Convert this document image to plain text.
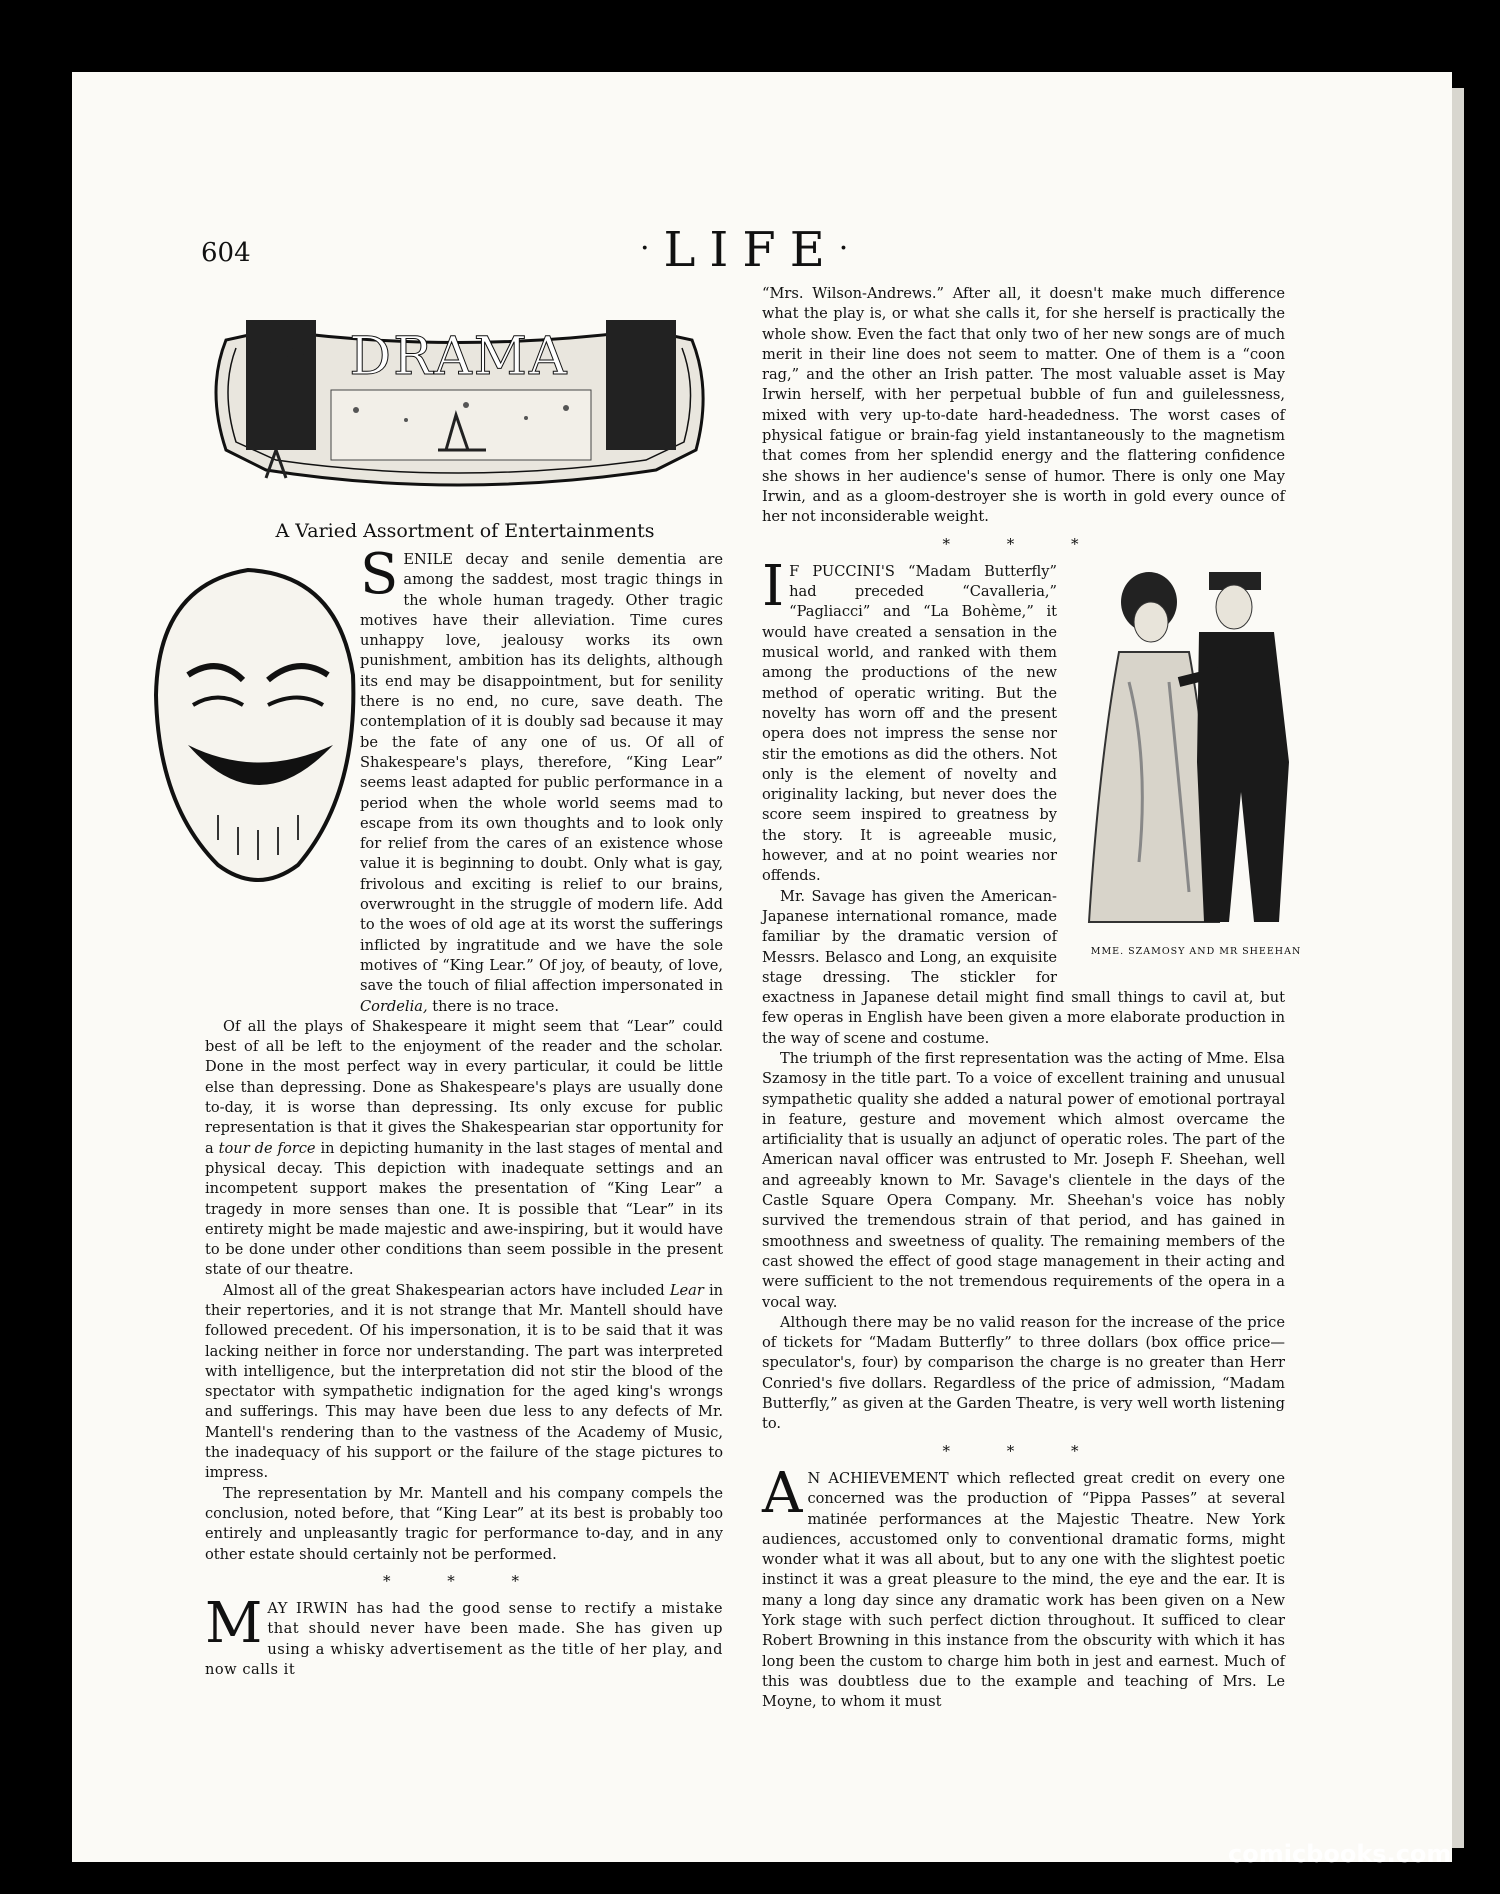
604	·LIFE·
DRAMA
A Varied Assortment of Entertainments

SENILE decay and senile dementia are among the saddest, most tragic things in the whole human tragedy. Other tragic motives have their alleviation. Time cures unhappy love, jealousy works its own punishment, ambition has its delights, although its end may be disappointment, but for senility there is no end, no cure, save death. The contemplation of it is doubly sad because it may be the fate of any one of us. Of all of Shakespeare's plays, therefore, “King Lear” seems least adapted for public performance in a period when the whole world seems mad to escape from its own thoughts and to look only for relief from the cares of an existence whose value it is beginning to doubt. Only what is gay, frivolous and exciting is relief to our brains, overwrought in the struggle of modern life. Add to the woes of old age at its worst the sufferings inflicted by ingratitude and we have the sole motives of “King Lear.” Of joy, of beauty, of love, save the touch of filial affection impersonated in Cordelia, there is no trace.

Of all the plays of Shakespeare it might seem that “Lear” could best of all be left to the enjoyment of the reader and the scholar. Done in the most perfect way in every particular, it could be little else than depressing. Done as Shakespeare's plays are usually done to-day, it is worse than depressing. Its only excuse for public representation is that it gives the Shakespearian star opportunity for a tour de force in depicting humanity in the last stages of mental and physical decay. This depiction with inadequate settings and an incompetent support makes the presentation of “King Lear” a tragedy in more senses than one. It is possible that “Lear” in its entirety might be made majestic and awe-inspiring, but it would have to be done under other conditions than seem possible in the present state of our theatre.

Almost all of the great Shakespearian actors have included Lear in their repertories, and it is not strange that Mr. Mantell should have followed precedent. Of his impersonation, it is to be said that it was lacking neither in force nor understanding. The part was interpreted with intelligence, but the interpretation did not stir the blood of the spectator with sympathetic indignation for the aged king's wrongs and sufferings. This may have been due less to any defects of Mr. Mantell's rendering than to the vastness of the Academy of Music, the inadequacy of his support or the failure of the stage pictures to impress.

The representation by Mr. Mantell and his company compels the conclusion, noted before, that “King Lear” at its best is probably too entirely and unpleasantly tragic for performance to-day, and in any other estate should certainly not be performed.

* * *

MAY IRWIN has had the good sense to rectify a mistake that should never have been made. She has given up using a whisky advertisement as the title of her play, and now calls it

“Mrs. Wilson-Andrews.” After all, it doesn't make much difference what the play is, or what she calls it, for she herself is practically the whole show. Even the fact that only two of her new songs are of much merit in their line does not seem to matter. One of them is a “coon rag,” and the other an Irish patter. The most valuable asset is May Irwin herself, with her perpetual bubble of fun and guilelessness, mixed with very up-to-date hard-headedness. The worst cases of physical fatigue or brain-fag yield instantaneously to the magnetism that comes from her splendid energy and the flattering confidence she shows in her audience's sense of humor. There is only one May Irwin, and as a gloom-destroyer she is worth in gold every ounce of her not inconsiderable weight.

* * *
MME. SZAMOSY AND MR SHEEHAN

I F PUCCINI'S “Madam Butterfly” had preceded “Cavalleria,” “Pagliacci” and “La Bohème,” it would have created a sensation in the musical world, and ranked with them among the productions of the new method of operatic writing. But the novelty has worn off and the present opera does not impress the sense nor stir the emotions as did the others. Not only is the element of novelty and originality lacking, but never does the score seem inspired to greatness by the story. It is agreeable music, however, and at no point wearies nor offends.

Mr. Savage has given the American-Japanese international romance, made familiar by the dramatic version of Messrs. Belasco and Long, an exquisite stage dressing. The stickler for exactness in Japanese detail might find small things to cavil at, but few operas in English have been given a more elaborate production in the way of scene and costume.

The triumph of the first representation was the acting of Mme. Elsa Szamosy in the title part. To a voice of excellent training and unusual sympathetic quality she added a natural power of emotional portrayal in feature, gesture and movement which almost overcame the artificiality that is usually an adjunct of operatic roles. The part of the American naval officer was entrusted to Mr. Joseph F. Sheehan, well and agreeably known to Mr. Savage's clientele in the days of the Castle Square Opera Company. Mr. Sheehan's voice has nobly survived the tremendous strain of that period, and has gained in smoothness and sweetness of quality. The remaining members of the cast showed the effect of good stage management in their acting and were sufficient to the not tremendous requirements of the opera in a vocal way.

Although there may be no valid reason for the increase of the price of tickets for “Madam Butterfly” to three dollars (box office price—speculator's, four) by comparison the charge is no greater than Herr Conried's five dollars. Regardless of the price of admission, “Madam Butterfly,” as given at the Garden Theatre, is very well worth listening to.

* * *

A N ACHIEVEMENT which reflected great credit on every one concerned was the production of “Pippa Passes” at several matinée performances at the Majestic Theatre. New York audiences, accustomed only to conventional dramatic forms, might wonder what it was all about, but to any one with the slightest poetic instinct it was a great pleasure to the mind, the eye and the ear. It is many a long day since any dramatic work has been given on a New York stage with such perfect diction throughout. It sufficed to clear Robert Browning in this instance from the obscurity with which it has long been the custom to charge him both in jest and earnest. Much of this was doubtless due to the example and teaching of Mrs. Le Moyne, to whom it must

comicbooks.com
